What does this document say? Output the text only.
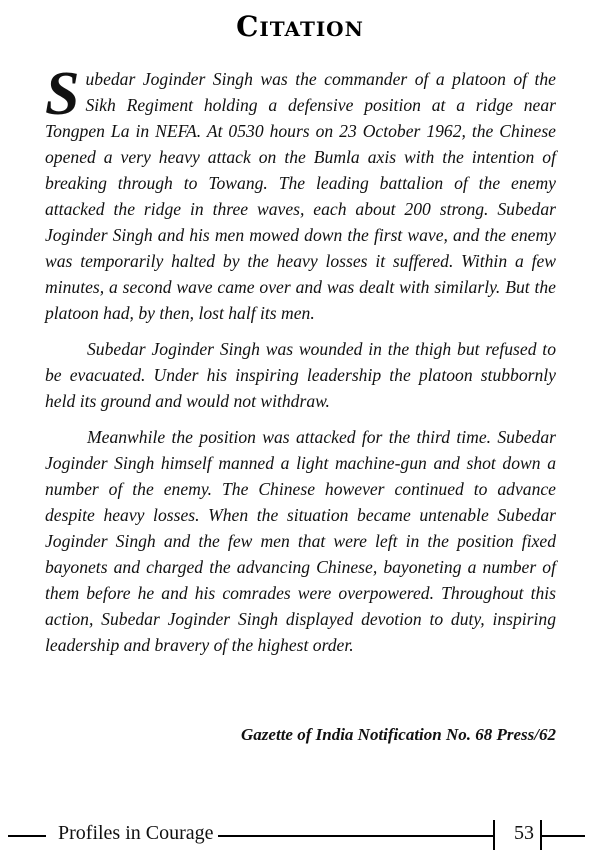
Citation

Subedar Joginder Singh was the commander of a platoon of the Sikh Regiment holding a defensive position at a ridge near Tongpen La in NEFA. At 0530 hours on 23 October 1962, the Chinese opened a very heavy attack on the Bumla axis with the intention of breaking through to Towang. The leading battalion of the enemy attacked the ridge in three waves, each about 200 strong. Subedar Joginder Singh and his men mowed down the first wave, and the enemy was temporarily halted by the heavy losses it suffered. Within a few minutes, a second wave came over and was dealt with similarly. But the platoon had, by then, lost half its men.

Subedar Joginder Singh was wounded in the thigh but refused to be evacuated. Under his inspiring leadership the platoon stubbornly held its ground and would not withdraw.

Meanwhile the position was attacked for the third time. Subedar Joginder Singh himself manned a light machine-gun and shot down a number of the enemy. The Chinese however continued to advance despite heavy losses. When the situation became untenable Subedar Joginder Singh and the few men that were left in the position fixed bayonets and charged the advancing Chinese, bayoneting a number of them before he and his comrades were overpowered. Throughout this action, Subedar Joginder Singh displayed devotion to duty, inspiring leadership and bravery of the highest order.

Gazette of India Notification No. 68 Press/62
Profiles in Courage	53
